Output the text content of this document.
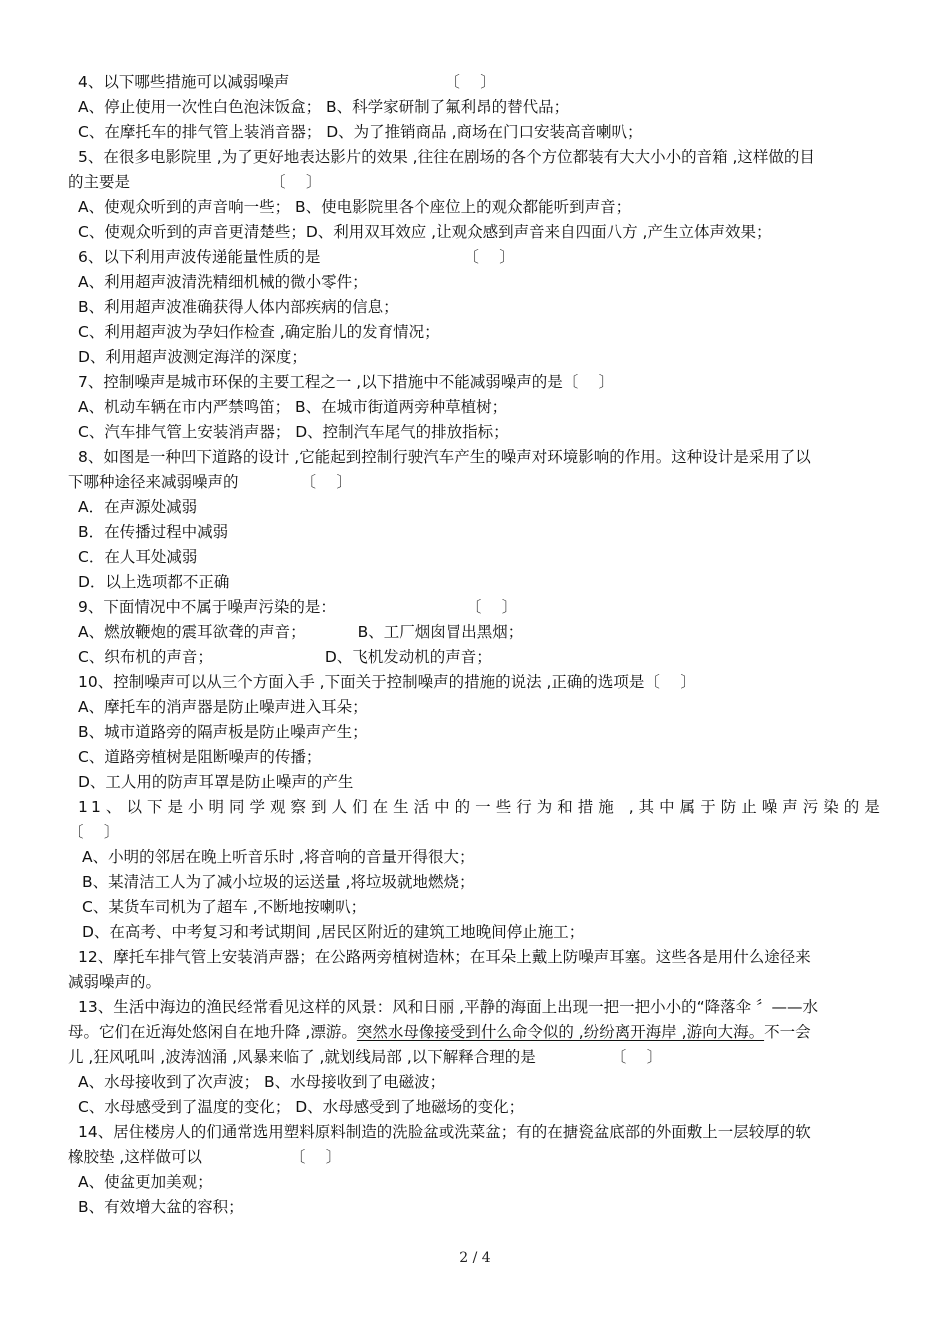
4、以下哪些措施可以减弱噪声	〔　 〕
A、停止使用一次性白色泡沫饭盒； B、科学家研制了氟利昂的替代品；
C、在摩托车的排气管上装消音器； D、为了推销商品 ,商场在门口安装高音喇叭；
5、在很多电影院里 ,为了更好地表达影片的效果 ,往往在剧场的各个方位都装有大大小小的音箱 ,这样做的目
的主要是	〔　 〕
A、使观众听到的声音响一些； B、使电影院里各个座位上的观众都能听到声音；
C、使观众听到的声音更清楚些；D、利用双耳效应 ,让观众感到声音来自四面八方 ,产生立体声效果；
6、以下利用声波传递能量性质的是	〔　 〕
A、利用超声波清洗精细机械的微小零件；
B、利用超声波准确获得人体内部疾病的信息；
C、利用超声波为孕妇作检查 ,确定胎儿的发育情况；
D、利用超声波测定海洋的深度；
7、控制噪声是城市环保的主要工程之一 ,以下措施中不能减弱噪声的是〔　 〕
A、机动车辆在市内严禁鸣笛； B、在城市街道两旁种草植树；
C、汽车排气管上安装消声器； D、控制汽车尾气的排放指标；
8、如图是一种凹下道路的设计 ,它能起到控制行驶汽车产生的噪声对环境影响的作用。这种设计是采用了以
下哪种途径来减弱噪声的	〔　 〕
A．在声源处减弱
B．在传播过程中减弱
C．在人耳处减弱
D．以上选项都不正确
9、下面情况中不属于噪声污染的是：	〔　 〕
A、燃放鞭炮的震耳欲聋的声音；	B、工厂烟囱冒出黑烟；
C、织布机的声音；	D、飞机发动机的声音；
10、控制噪声可以从三个方面入手 ,下面关于控制噪声的措施的说法 ,正确的选项是〔　 〕
A、摩托车的消声器是防止噪声进入耳朵；
B、城市道路旁的隔声板是防止噪声产生；
C、道路旁植树是阻断噪声的传播；
D、工人用的防声耳罩是防止噪声的产生
11、以下是小明同学观察到人们在生活中的一些行为和措施 ,其中属于防止噪声污染的是
〔　 〕
A、小明的邻居在晚上听音乐时 ,将音响的音量开得很大；
B、某清洁工人为了减小垃圾的运送量 ,将垃圾就地燃烧；
C、某货车司机为了超车 ,不断地按喇叭；
D、在高考、中考复习和考试期间 ,居民区附近的建筑工地晚间停止施工；
12、摩托车排气管上安装消声器；在公路两旁植树造林；在耳朵上戴上防噪声耳塞。这些各是用什么途径来
减弱噪声的。
13、生活中海边的渔民经常看见这样的风景：风和日丽 ,平静的海面上出现一把一把小小的“降落伞 〞——水
母。它们在近海处悠闲自在地升降 ,漂游。突然水母像接受到什么命令似的 ,纷纷离开海岸 ,游向大海。不一会
儿 ,狂风吼叫 ,波涛汹涌 ,风暴来临了 ,就划线局部 ,以下解释合理的是	〔　 〕
A、水母接收到了次声波； B、水母接收到了电磁波；
C、水母感受到了温度的变化； D、水母感受到了地磁场的变化；
14、居住楼房人的们通常选用塑料原料制造的洗脸盆或洗菜盆；有的在搪瓷盆底部的外面敷上一层较厚的软
橡胶垫 ,这样做可以	〔　 〕
A、使盆更加美观；
B、有效增大盆的容积；
2 / 4
